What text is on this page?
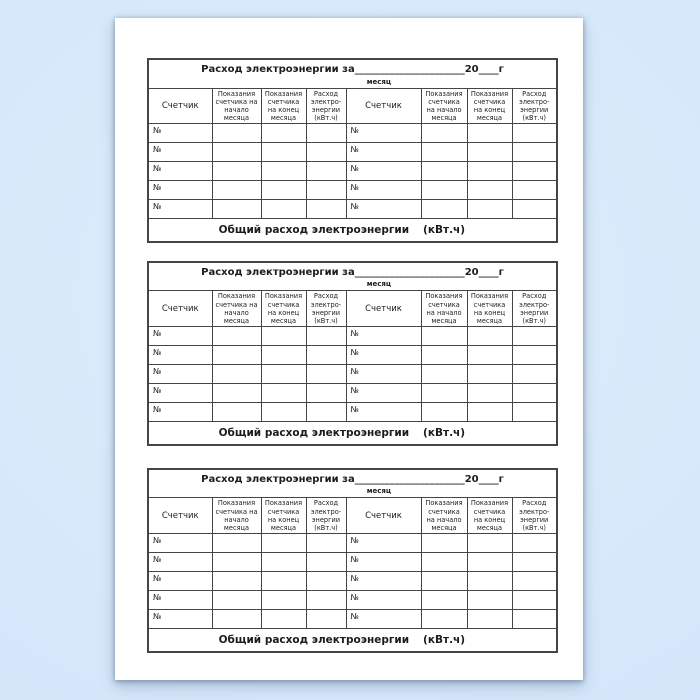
Расход электроэнергии за______________________20____г
месяц							

Счетчик	Показания счетчика на начало месяца	Показания счетчика на конец месяца	Расход электро-энергии (кВт.ч)	Счетчик	Показания счетчика на начало месяца	Показания счетчика на конец месяца	Расход электро-энергии (кВт.ч)
№				№			
№				№			
№				№			
№				№			
№				№			

Общий расход электроэнергии (кВт.ч)							
Расход электроэнергии за______________________20____г
месяц							

Счетчик	Показания счетчика на начало месяца	Показания счетчика на конец месяца	Расход электро-энергии (кВт.ч)	Счетчик	Показания счетчика на начало месяца	Показания счетчика на конец месяца	Расход электро-энергии (кВт.ч)
№				№			
№				№			
№				№			
№				№			
№				№			

Общий расход электроэнергии (кВт.ч)							
Расход электроэнергии за______________________20____г
месяц							

Счетчик	Показания счетчика на начало месяца	Показания счетчика на конец месяца	Расход электро-энергии (кВт.ч)	Счетчик	Показания счетчика на начало месяца	Показания счетчика на конец месяца	Расход электро-энергии (кВт.ч)
№				№			
№				№			
№				№			
№				№			
№				№			

Общий расход электроэнергии (кВт.ч)							
